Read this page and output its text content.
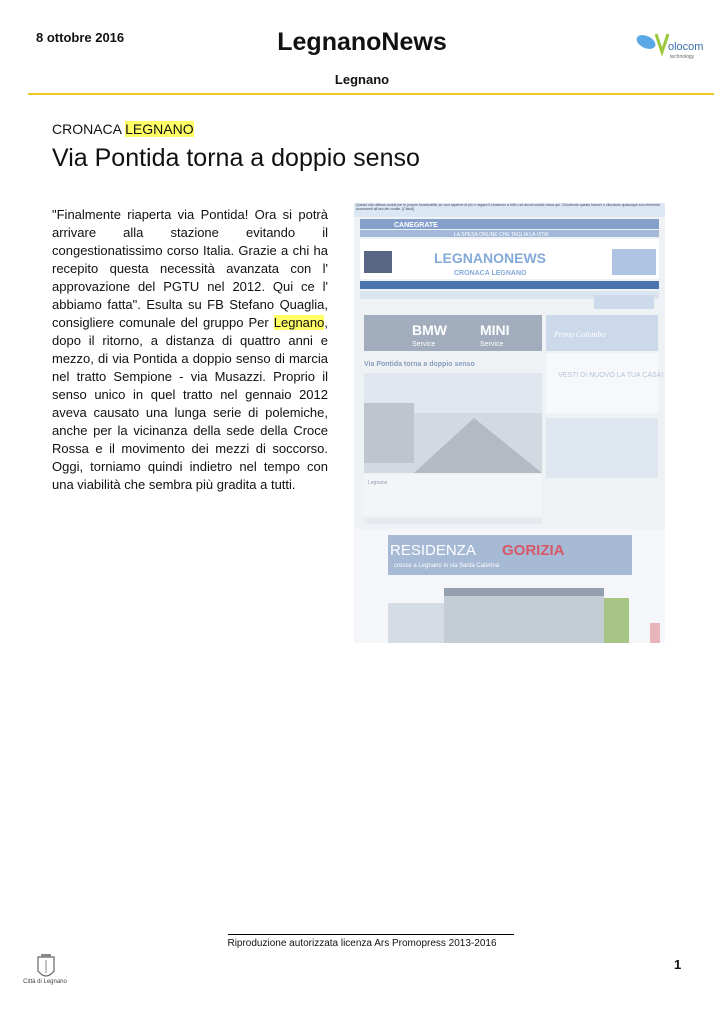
8 ottobre 2016	LegnanoNews
Legnano
olocom
technology
CRONACA LEGNANO
Via Pontida torna a doppio senso
"Finalmente riaperta via Pontida! Ora si potrà arrivare alla stazione evitando il congestionatissimo corso Italia. Grazie a chi ha recepito questa necessità avanzata con l' approvazione del PGTU nel 2012. Qui ce l' abbiamo fatta". Esulta su FB Stefano Quaglia, consigliere comunale del gruppo Per Legnano, dopo il ritorno, a distanza di quattro anni e mezzo, di via Pontida a doppio senso di marcia nel tratto Sempione - via Musazzi. Proprio il senso unico in quel tratto nel gennaio 2012 aveva causato una lunga serie di polemiche, anche per la vicinanza della sede della Croce Rossa e il movimento dei mezzi di soccorso. Oggi, torniamo quindi indietro nel tempo con una viabilità che sembra più gradita a tutti.
Questo sito utilizza cookie per le proprie funzionalità, se vuoi saperne di più o negare il consenso a tutti o ad alcuni cookie clicca qui. Chiudendo questo banner o cliccando qualunque suo elemento acconsenti all'uso dei cookie. [Chiudi]
CANEGRATE
LA SPESA ONLINE CHE TAGLIA LA VITA!
LEGNANONEWS
CRONACA LEGNANO
BMW MINI
Service	Service
Primo Colombo
VESTI DI NUOVO LA TUA CASA!
Via Pontida torna a doppio senso
Legnano
RESIDENZA GORIZIA
cresce a Legnano in via Santa Caterina
Riproduzione autorizzata licenza Ars Promopress 2013-2016
1
Città di Legnano
